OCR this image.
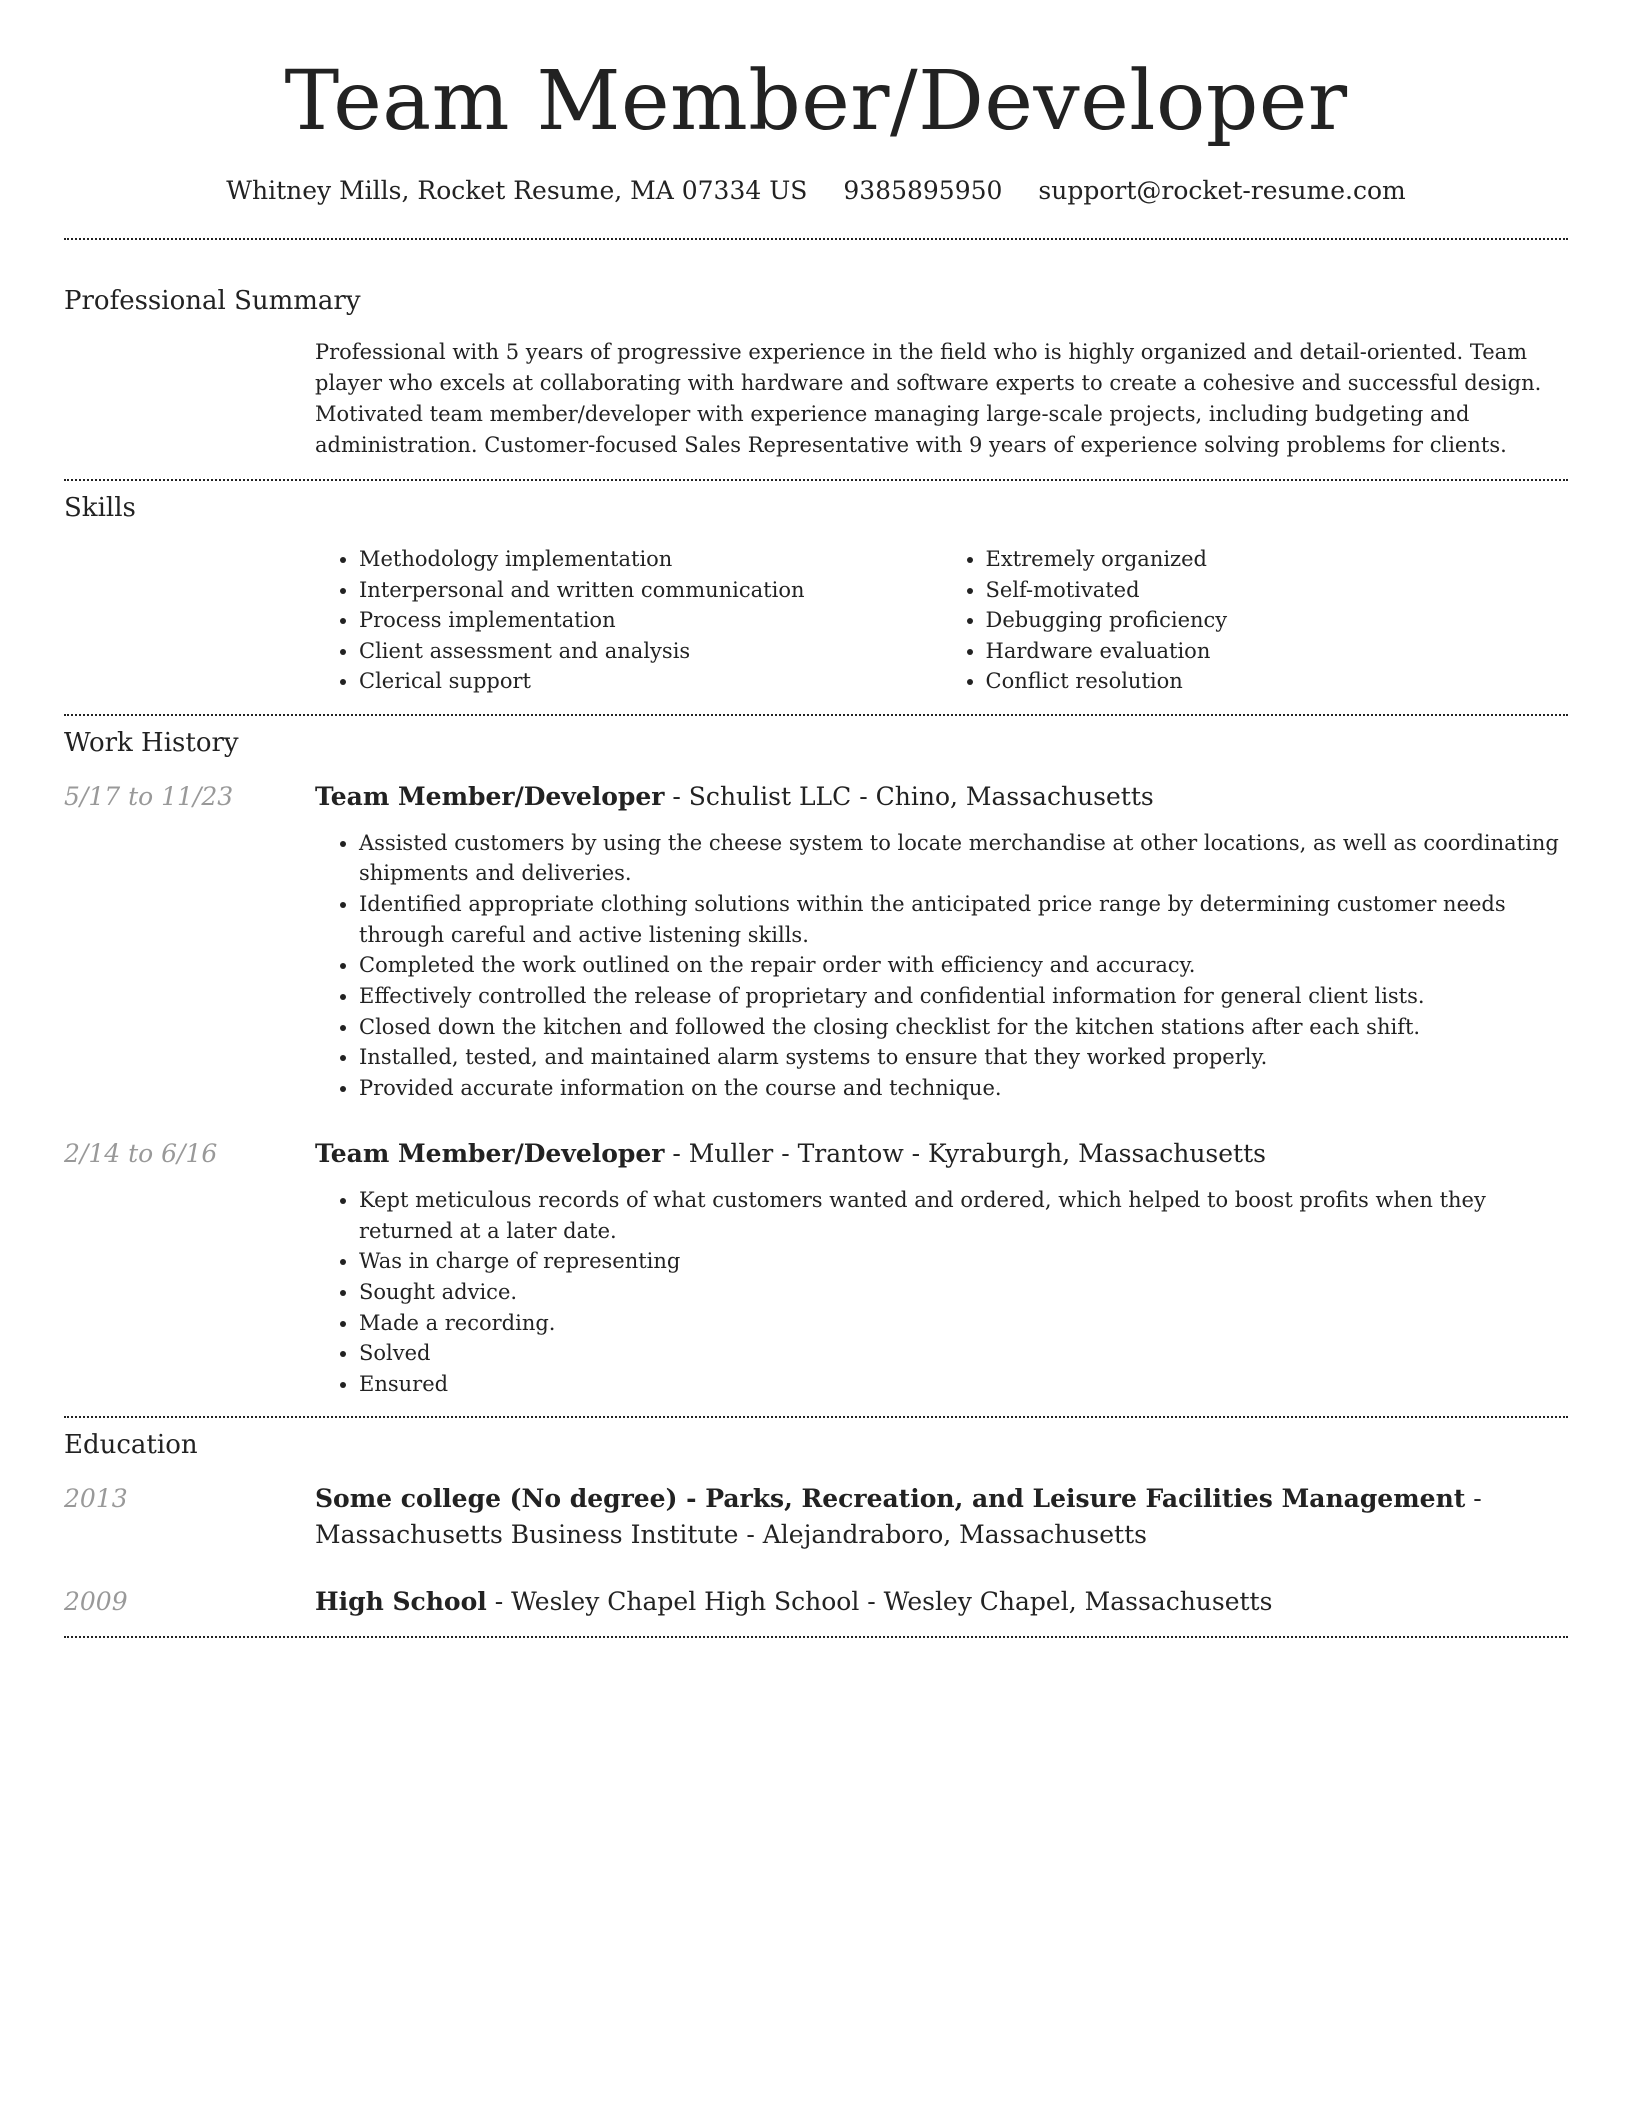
Team Member/Developer
Whitney Mills, Rocket Resume, MA 07334 US 9385895950 support@rocket-resume.com
Professional Summary
Professional with 5 years of progressive experience in the field who is highly organized and detail-oriented. Team player who excels at collaborating with hardware and software experts to create a cohesive and successful design. Motivated team member/developer with experience managing large-scale projects, including budgeting and administration. Customer-focused Sales Representative with 9 years of experience solving problems for clients.
Skills
• Methodology implementation
• Interpersonal and written communication
• Process implementation
• Client assessment and analysis
• Clerical support
• Extremely organized
• Self-motivated
• Debugging proficiency
• Hardware evaluation
• Conflict resolution
Work History
5/17 to 11/23	Team Member/Developer - Schulist LLC - Chino, Massachusetts
• Assisted customers by using the cheese system to locate merchandise at other locations, as well as coordinating shipments and deliveries.
• Identified appropriate clothing solutions within the anticipated price range by determining customer needs through careful and active listening skills.
• Completed the work outlined on the repair order with efficiency and accuracy.
• Effectively controlled the release of proprietary and confidential information for general client lists.
• Closed down the kitchen and followed the closing checklist for the kitchen stations after each shift.
• Installed, tested, and maintained alarm systems to ensure that they worked properly.
• Provided accurate information on the course and technique.
2/14 to 6/16	Team Member/Developer - Muller - Trantow - Kyraburgh, Massachusetts
• Kept meticulous records of what customers wanted and ordered, which helped to boost profits when they returned at a later date.
• Was in charge of representing
• Sought advice.
• Made a recording.
• Solved
• Ensured
Education
2013	Some college (No degree) - Parks, Recreation, and Leisure Facilities Management - Massachusetts Business Institute - Alejandraboro, Massachusetts
2009	High School - Wesley Chapel High School - Wesley Chapel, Massachusetts
